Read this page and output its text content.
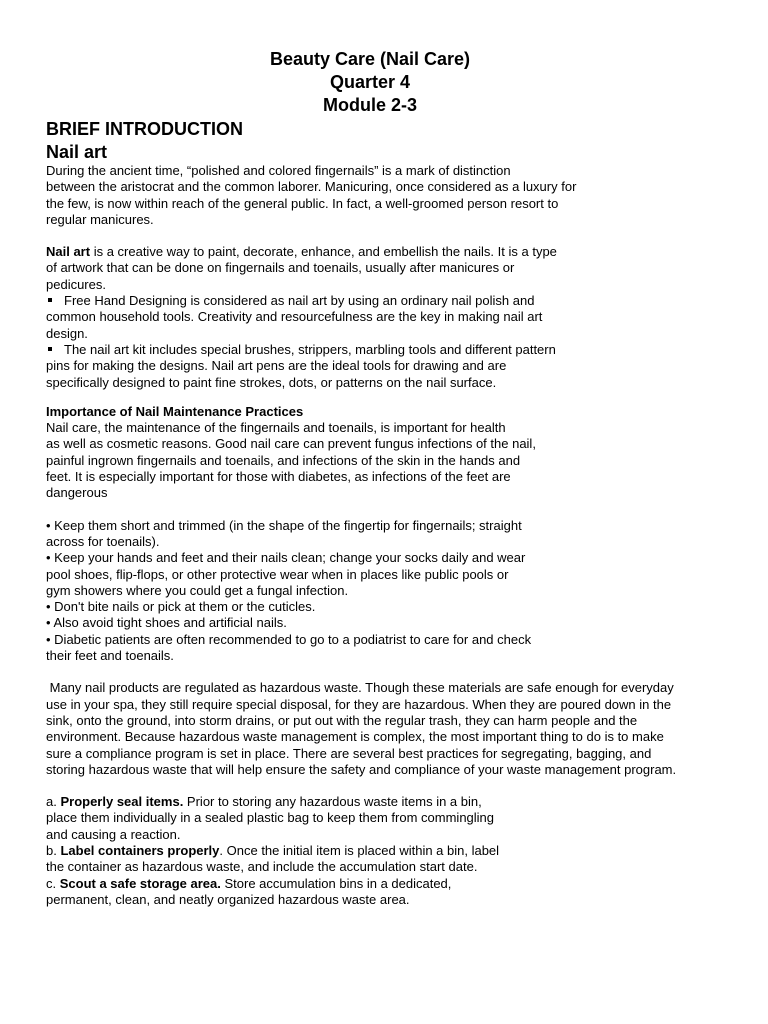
Beauty Care (Nail Care)
Quarter 4
Module 2-3
BRIEF INTRODUCTION
Nail art

During the ancient time, “polished and colored fingernails” is a mark of distinction

between the aristocrat and the common laborer. Manicuring, once considered as a luxury for

the few, is now within reach of the general public. In fact, a well-groomed person resort to

regular manicures.

Nail art is a creative way to paint, decorate, enhance, and embellish the nails. It is a type

of artwork that can be done on fingernails and toenails, usually after manicures or

pedicures.

Free Hand Designing is considered as nail art by using an ordinary nail polish and

common household tools. Creativity and resourcefulness are the key in making nail art

design.

The nail art kit includes special brushes, strippers, marbling tools and different pattern

pins for making the designs. Nail art pens are the ideal tools for drawing and are

specifically designed to paint fine strokes, dots, or patterns on the nail surface.

Importance of Nail Maintenance Practices

Nail care, the maintenance of the fingernails and toenails, is important for health

as well as cosmetic reasons. Good nail care can prevent fungus infections of the nail,

painful ingrown fingernails and toenails, and infections of the skin in the hands and

feet. It is especially important for those with diabetes, as infections of the feet are

dangerous

• Keep them short and trimmed (in the shape of the fingertip for fingernails; straight

across for toenails).

• Keep your hands and feet and their nails clean; change your socks daily and wear

pool shoes, flip-flops, or other protective wear when in places like public pools or

gym showers where you could get a fungal infection.

• Don't bite nails or pick at them or the cuticles.

• Also avoid tight shoes and artificial nails.

• Diabetic patients are often recommended to go to a podiatrist to care for and check

their feet and toenails.

Many nail products are regulated as hazardous waste. Though these materials are safe enough for everyday

use in your spa, they still require special disposal, for they are hazardous. When they are poured down in the

sink, onto the ground, into storm drains, or put out with the regular trash, they can harm people and the

environment. Because hazardous waste management is complex, the most important thing to do is to make

sure a compliance program is set in place. There are several best practices for segregating, bagging, and

storing hazardous waste that will help ensure the safety and compliance of your waste management program.

a. Properly seal items. Prior to storing any hazardous waste items in a bin,

place them individually in a sealed plastic bag to keep them from commingling

and causing a reaction.

b. Label containers properly. Once the initial item is placed within a bin, label

the container as hazardous waste, and include the accumulation start date.

c. Scout a safe storage area. Store accumulation bins in a dedicated,

permanent, clean, and neatly organized hazardous waste area.
